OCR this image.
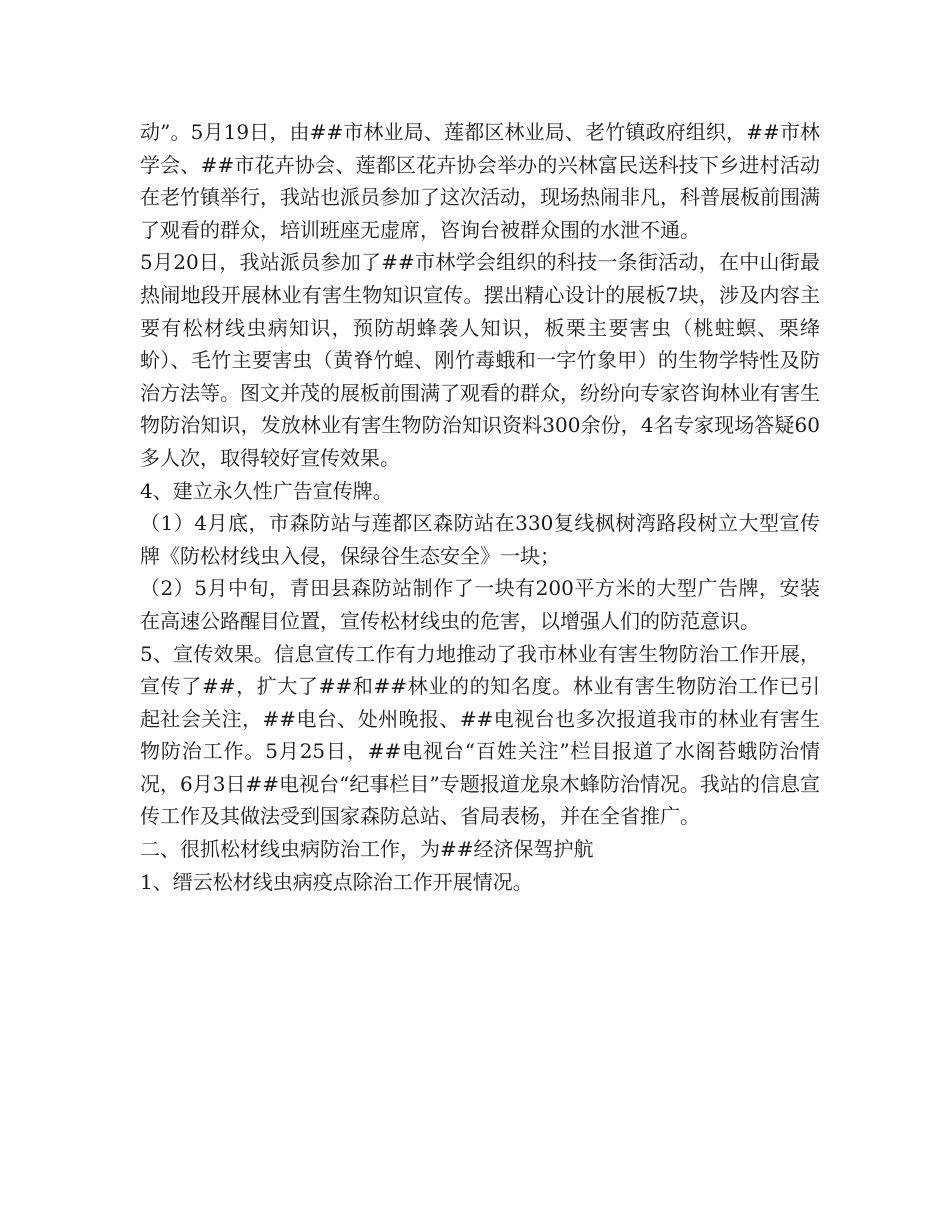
动”。5月19日，由##市林业局、莲都区林业局、老竹镇政府组织，##市林学会、##市花卉协会、莲都区花卉协会举办的兴林富民送科技下乡进村活动在老竹镇举行，我站也派员参加了这次活动，现场热闹非凡，科普展板前围满了观看的群众，培训班座无虚席，咨询台被群众围的水泄不通。

5月20日，我站派员参加了##市林学会组织的科技一条街活动，在中山街最热闹地段开展林业有害生物知识宣传。摆出精心设计的展板7块，涉及内容主要有松材线虫病知识，预防胡蜂袭人知识，板栗主要害虫（桃蛀螟、栗绛蚧）、毛竹主要害虫（黄脊竹蝗、刚竹毒蛾和一字竹象甲）的生物学特性及防治方法等。图文并茂的展板前围满了观看的群众，纷纷向专家咨询林业有害生物防治知识，发放林业有害生物防治知识资料300余份，4名专家现场答疑60多人次，取得较好宣传效果。

4、建立永久性广告宣传牌。

（1）4月底，市森防站与莲都区森防站在330复线枫树湾路段树立大型宣传牌《防松材线虫入侵，保绿谷生态安全》一块；

（2）5月中旬，青田县森防站制作了一块有200平方米的大型广告牌，安装在高速公路醒目位置，宣传松材线虫的危害，以增强人们的防范意识。

5、宣传效果。信息宣传工作有力地推动了我市林业有害生物防治工作开展，宣传了##，扩大了##和##林业的的知名度。林业有害生物防治工作已引起社会关注，##电台、处州晚报、##电视台也多次报道我市的林业有害生物防治工作。5月25日，##电视台“百姓关注”栏目报道了水阁苔蛾防治情况，6月3日##电视台“纪事栏目”专题报道龙泉木蜂防治情况。我站的信息宣传工作及其做法受到国家森防总站、省局表杨，并在全省推广。

二、很抓松材线虫病防治工作，为##经济保驾护航

1、缙云松材线虫病疫点除治工作开展情况。
